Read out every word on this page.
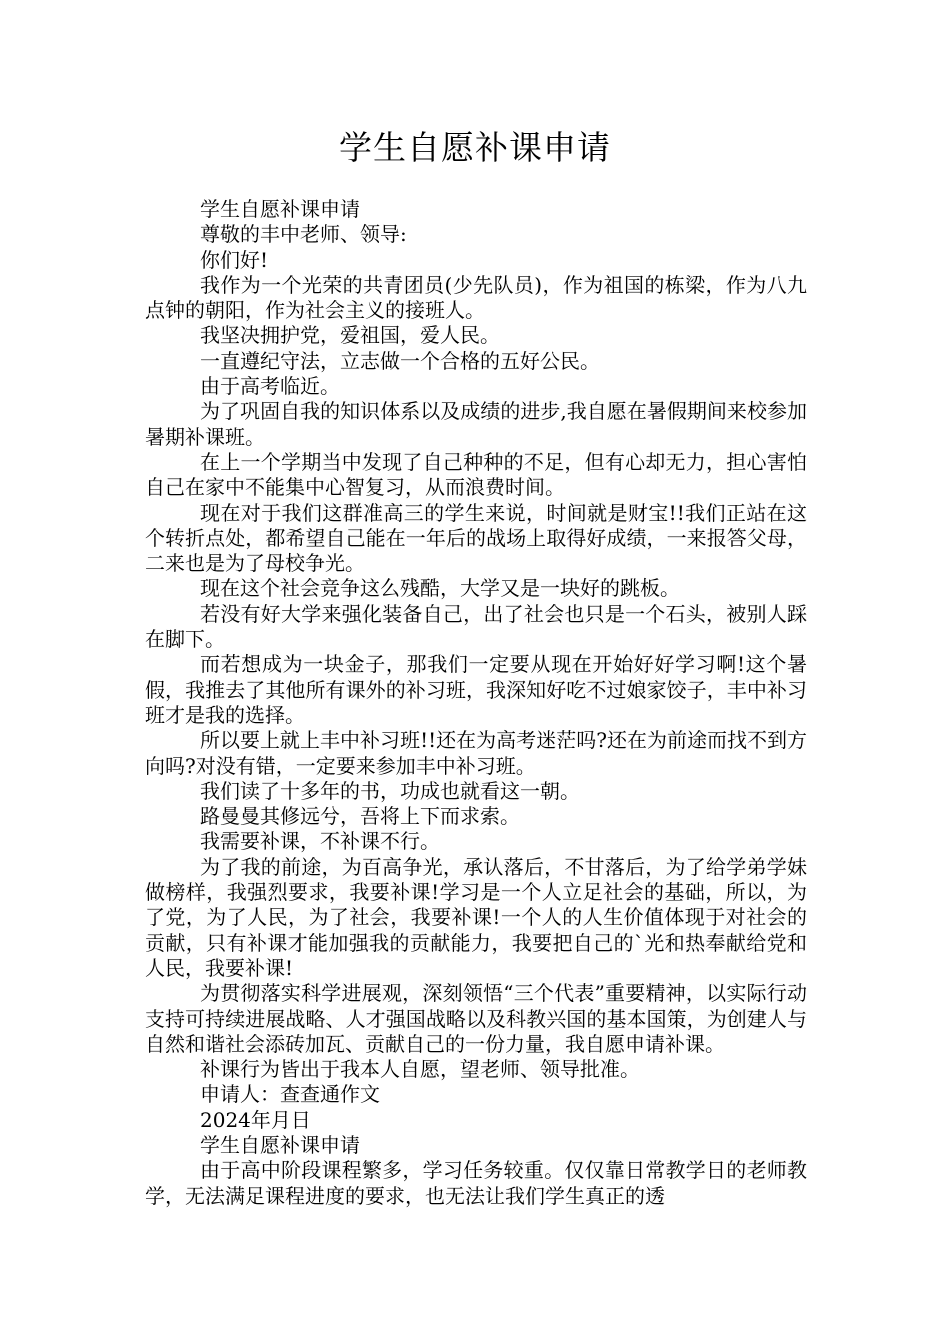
学生自愿补课申请

学生自愿补课申请

尊敬的丰中老师、领导:

你们好!

我作为一个光荣的共青团员(少先队员)，作为祖国的栋梁，作为八九点钟的朝阳，作为社会主义的接班人。

我坚决拥护党，爱祖国，爱人民。

一直遵纪守法，立志做一个合格的五好公民。

由于高考临近。

为了巩固自我的知识体系以及成绩的进步,我自愿在暑假期间来校参加暑期补课班。

在上一个学期当中发现了自己种种的不足，但有心却无力，担心害怕自己在家中不能集中心智复习，从而浪费时间。

现在对于我们这群准高三的学生来说，时间就是财宝!!我们正站在这个转折点处，都希望自己能在一年后的战场上取得好成绩，一来报答父母，二来也是为了母校争光。

现在这个社会竞争这么残酷，大学又是一块好的跳板。

若没有好大学来强化装备自己，出了社会也只是一个石头，被别人踩在脚下。

而若想成为一块金子，那我们一定要从现在开始好好学习啊!这个暑假，我推去了其他所有课外的补习班，我深知好吃不过娘家饺子，丰中补习班才是我的选择。

所以要上就上丰中补习班!!还在为高考迷茫吗?还在为前途而找不到方向吗?对没有错，一定要来参加丰中补习班。

我们读了十多年的书，功成也就看这一朝。

路曼曼其修远兮，吾将上下而求索。

我需要补课，不补课不行。

为了我的前途，为百高争光，承认落后，不甘落后，为了给学弟学妹做榜样，我强烈要求，我要补课!学习是一个人立足社会的基础，所以，为了党，为了人民，为了社会，我要补课!一个人的人生价值体现于对社会的贡献，只有补课才能加强我的贡献能力，我要把自己的`光和热奉献给党和人民，我要补课!

为贯彻落实科学进展观，深刻领悟“三个代表”重要精神，以实际行动支持可持续进展战略、人才强国战略以及科教兴国的基本国策，为创建人与自然和谐社会添砖加瓦、贡献自己的一份力量，我自愿申请补课。

补课行为皆出于我本人自愿，望老师、领导批准。

申请人：查查通作文

2024年月日

学生自愿补课申请

由于高中阶段课程繁多，学习任务较重。仅仅靠日常教学日的老师教学，无法满足课程进度的要求，也无法让我们学生真正的透
